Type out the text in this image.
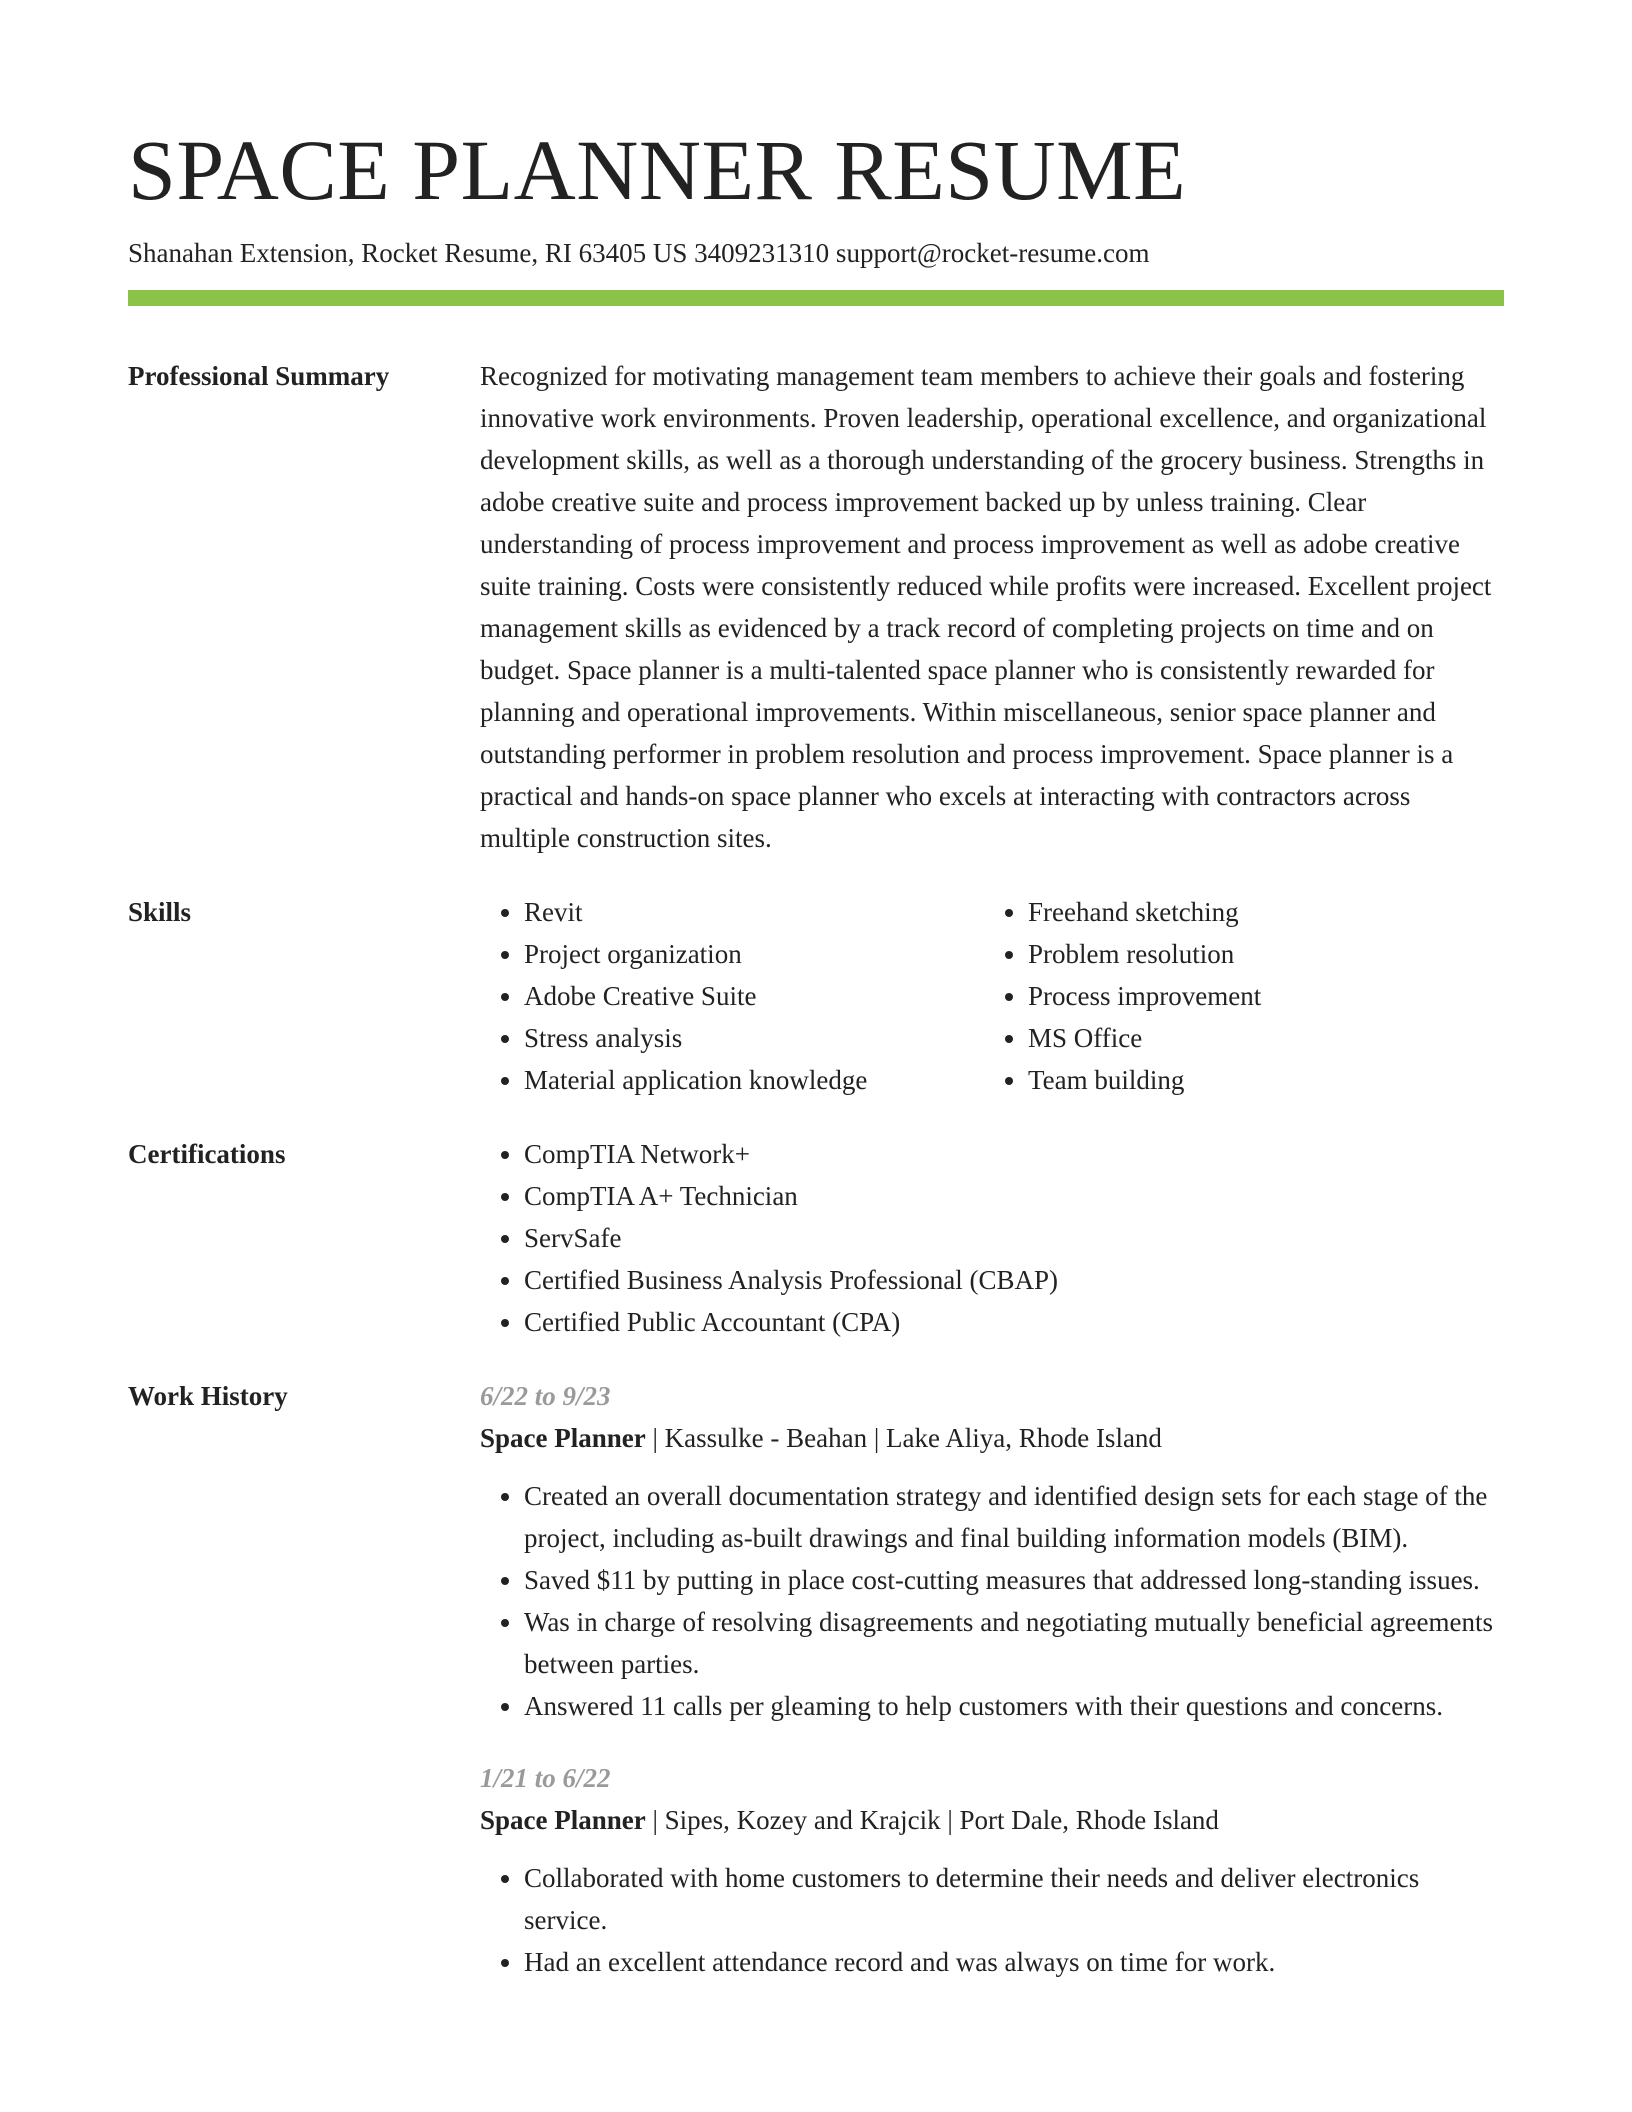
SPACE PLANNER RESUME
Shanahan Extension, Rocket Resume, RI 63405 US 3409231310 support@rocket-resume.com
Professional Summary	Recognized for motivating management team members to achieve their goals and fostering innovative work environments. Proven leadership, operational excellence, and organizational development skills, as well as a thorough understanding of the grocery business. Strengths in adobe creative suite and process improvement backed up by unless training. Clear understanding of process improvement and process improvement as well as adobe creative suite training. Costs were consistently reduced while profits were increased. Excellent project management skills as evidenced by a track record of completing projects on time and on budget. Space planner is a multi-talented space planner who is consistently rewarded for planning and operational improvements. Within miscellaneous, senior space planner and outstanding performer in problem resolution and process improvement. Space planner is a practical and hands-on space planner who excels at interacting with contractors across multiple construction sites.
Skills	• Revit
• Project organization
• Adobe Creative Suite
• Stress analysis
• Material application knowledge
• Freehand sketching
• Problem resolution
• Process improvement
• MS Office
• Team building
Certifications	• CompTIA Network+
• CompTIA A+ Technician
• ServSafe
• Certified Business Analysis Professional (CBAP)
• Certified Public Accountant (CPA)
Work History	6/22 to 9/23
Space Planner | Kassulke - Beahan | Lake Aliya, Rhode Island
• Created an overall documentation strategy and identified design sets for each stage of the project, including as-built drawings and final building information models (BIM).
• Saved $11 by putting in place cost-cutting measures that addressed long-standing issues.
• Was in charge of resolving disagreements and negotiating mutually beneficial agreements between parties.
• Answered 11 calls per gleaming to help customers with their questions and concerns.
1/21 to 6/22
Space Planner | Sipes, Kozey and Krajcik | Port Dale, Rhode Island
• Collaborated with home customers to determine their needs and deliver electronics service.
• Had an excellent attendance record and was always on time for work.
